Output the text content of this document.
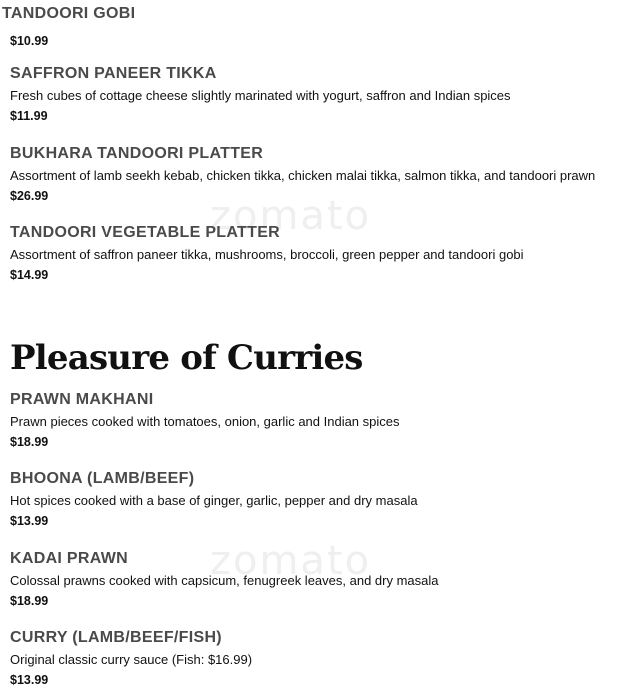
zomato
zomato
TANDOORI GOBI
$10.99
SAFFRON PANEER TIKKA
Fresh cubes of cottage cheese slightly marinated with yogurt, saffron and Indian spices
$11.99
BUKHARA TANDOORI PLATTER
Assortment of lamb seekh kebab, chicken tikka, chicken malai tikka, salmon tikka, and tandoori prawn
$26.99
TANDOORI VEGETABLE PLATTER
Assortment of saffron paneer tikka, mushrooms, broccoli, green pepper and tandoori gobi
$14.99
Pleasure of Curries
PRAWN MAKHANI
Prawn pieces cooked with tomatoes, onion, garlic and Indian spices
$18.99
BHOONA (LAMB/BEEF)
Hot spices cooked with a base of ginger, garlic, pepper and dry masala
$13.99
KADAI PRAWN
Colossal prawns cooked with capsicum, fenugreek leaves, and dry masala
$18.99
CURRY (LAMB/BEEF/FISH)
Original classic curry sauce (Fish: $16.99)
$13.99
